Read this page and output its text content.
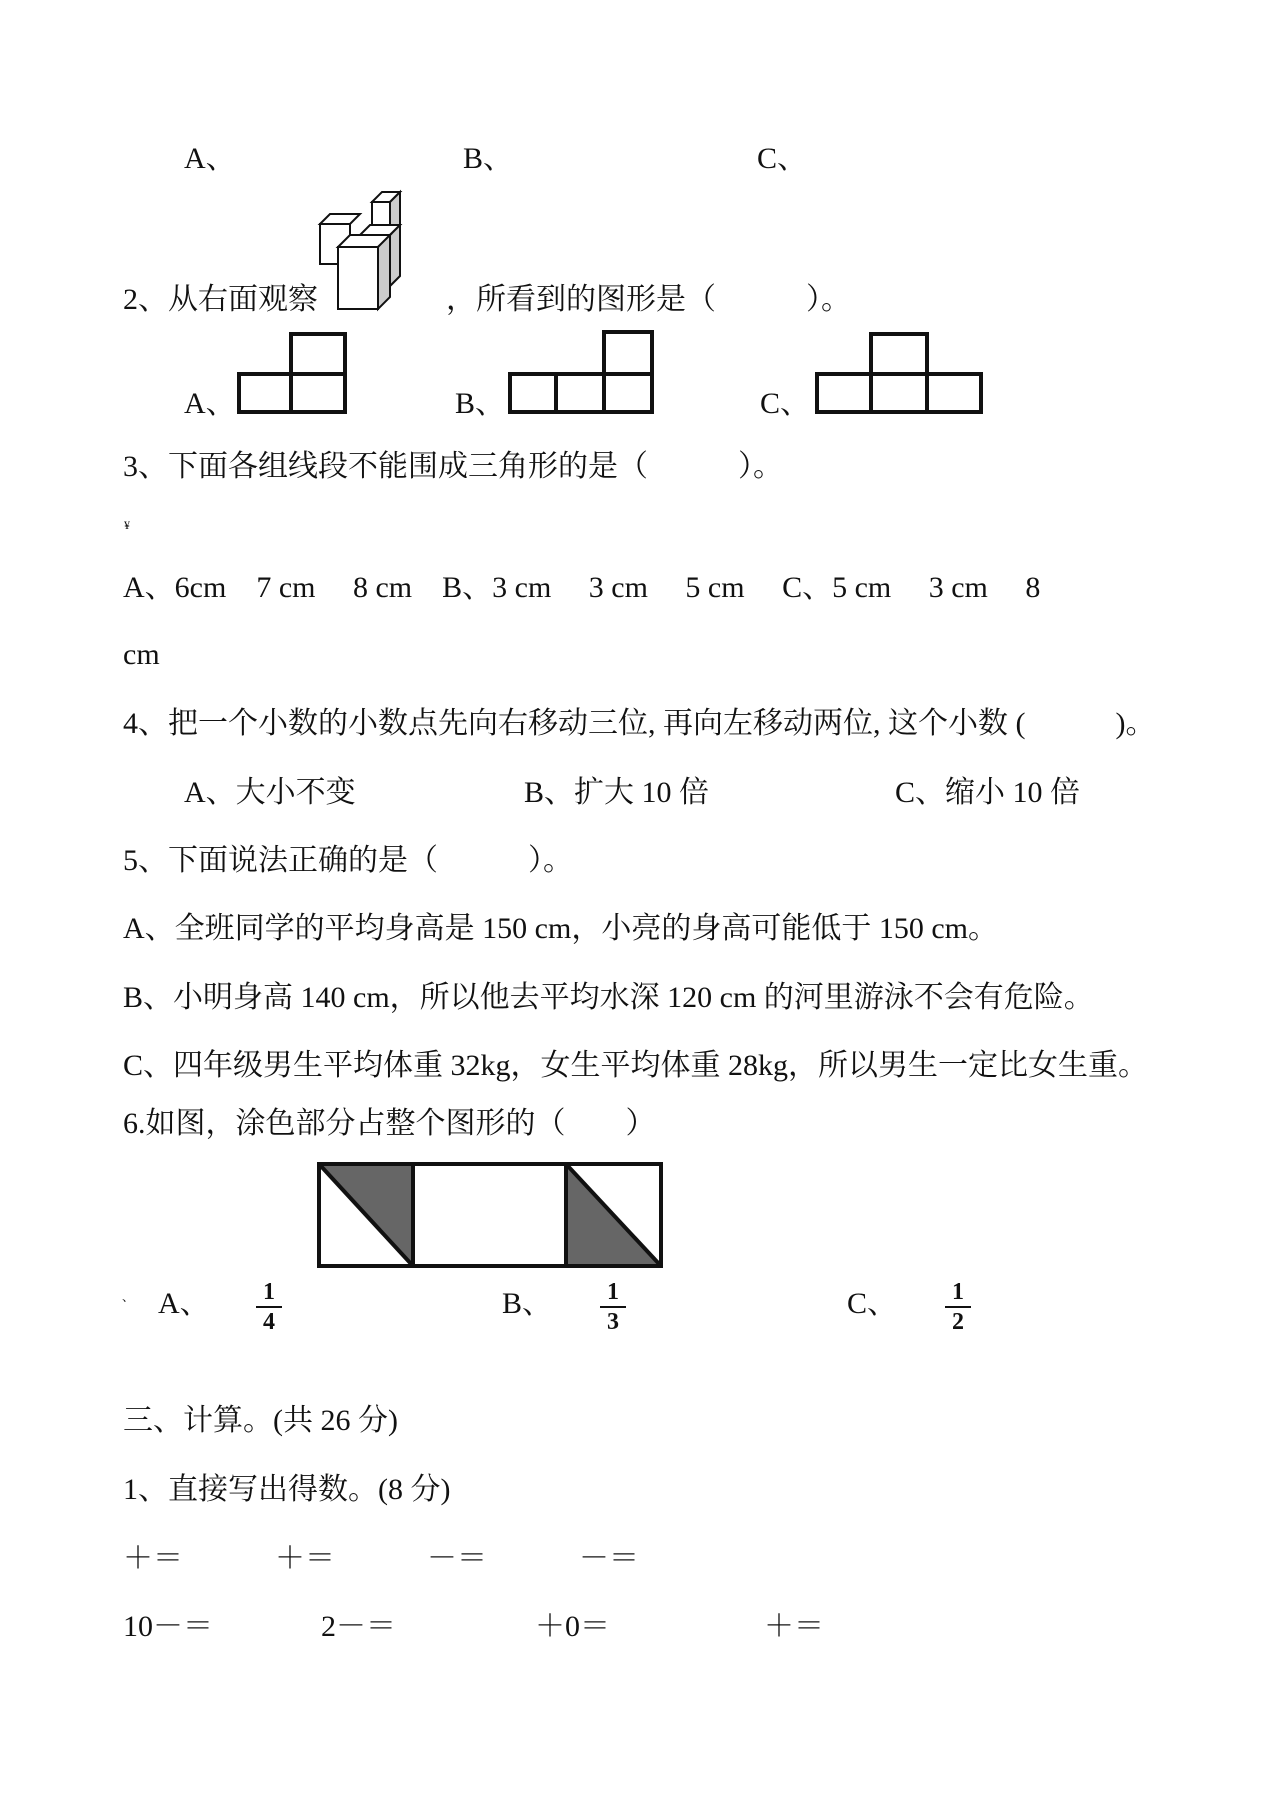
A、	B、	C、
2、从右面观察	，所看到的图形是（　　　）。
A、	B、	C、
3、下面各组线段不能围成三角形的是（　　　）。
¥
A、6cm　7 cm　 8 cm　B、3 cm　 3 cm　 5 cm　 C、5 cm　 3 cm　 8
cm
4、把一个小数的小数点先向右移动三位, 再向左移动两位, 这个小数 (　　　)。
A、大小不变	B、扩大 10 倍	C、缩小 10 倍
5、下面说法正确的是（　　　）。
A、全班同学的平均身高是 150 cm，小亮的身高可能低于 150 cm。
B、小明身高 140 cm，所以他去平均水深 120 cm 的河里游泳不会有危险。
C、四年级男生平均体重 32kg，女生平均体重 28kg，所以男生一定比女生重。
6.如图，涂色部分占整个图形的（　　）
、 A、 1
4
B、 1
3
C、 1
2
三、计算。(共 26 分)
1、直接写出得数。(8 分)
＋＝	＋＝	－＝	－＝
10－＝	2－＝	＋0＝	＋＝
